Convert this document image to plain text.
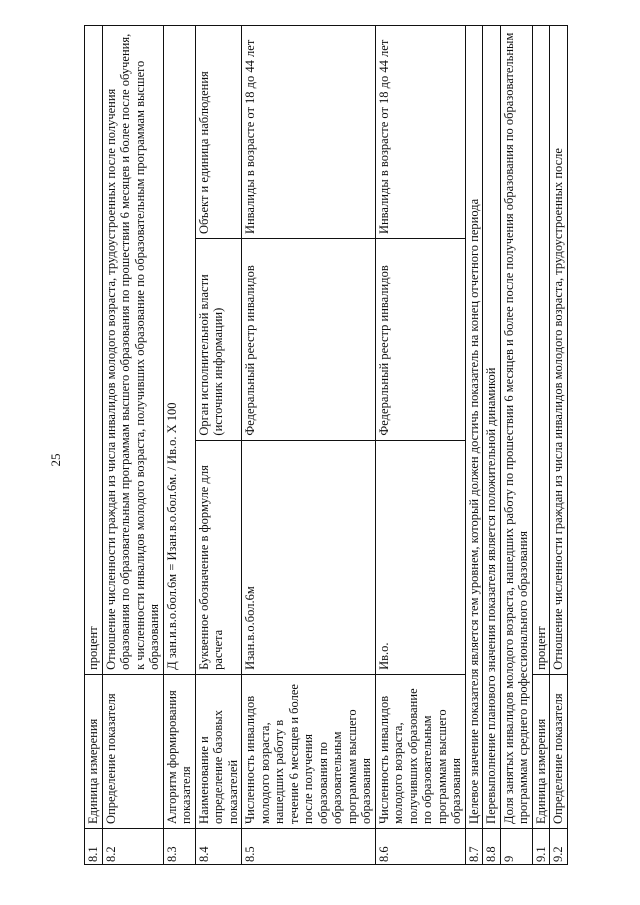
25
8.1	Единица измерения	процент		
8.2	Определение показателя	Отношение численности граждан из числа инвалидов молодого возраста, трудоустроенных после получения образования по образовательным программам высшего образования по прошествии 6 месяцев и более после обучения, к численности инвалидов молодого возраста, получивших образование по образовательным программам высшего образования		
8.3	Алгоритм формирования показателя	Д зан.и.в.о.бол.6м = Изан.в.о.бол.6м. / Ив.о. Х 100		
8.4	Наименование и определение базовых показателей	Буквенное обозначение в формуле для расчета	Орган исполнительной власти (источник информации)	Объект и единица наблюдения
8.5	Численность инвалидов молодого возраста, нашедших работу в течение 6 месяцев и более после получения образования по образовательным программам высшего образования	Изан.в.о.бол.6м	Федеральный реестр инвалидов	Инвалиды в возрасте от 18 до 44 лет
8.6	Численность инвалидов молодого возраста, получивших образование по образовательным программам высшего образования	Ив.о.	Федеральный реестр инвалидов	Инвалиды в возрасте от 18 до 44 лет
8.7	Целевое значение показателя является тем уровнем, который должен достичь показатель на конец отчетного периода			
8.8	Перевыполнение планового значения показателя является положительной динамикой			
9	Доля занятых инвалидов молодого возраста, нашедших работу по прошествии 6 месяцев и более после получения образования по образовательным программам среднего профессионального образования			
9.1	Единица измерения	процент		
9.2	Определение показателя	Отношение численности граждан из числа инвалидов молодого возраста, трудоустроенных после		
